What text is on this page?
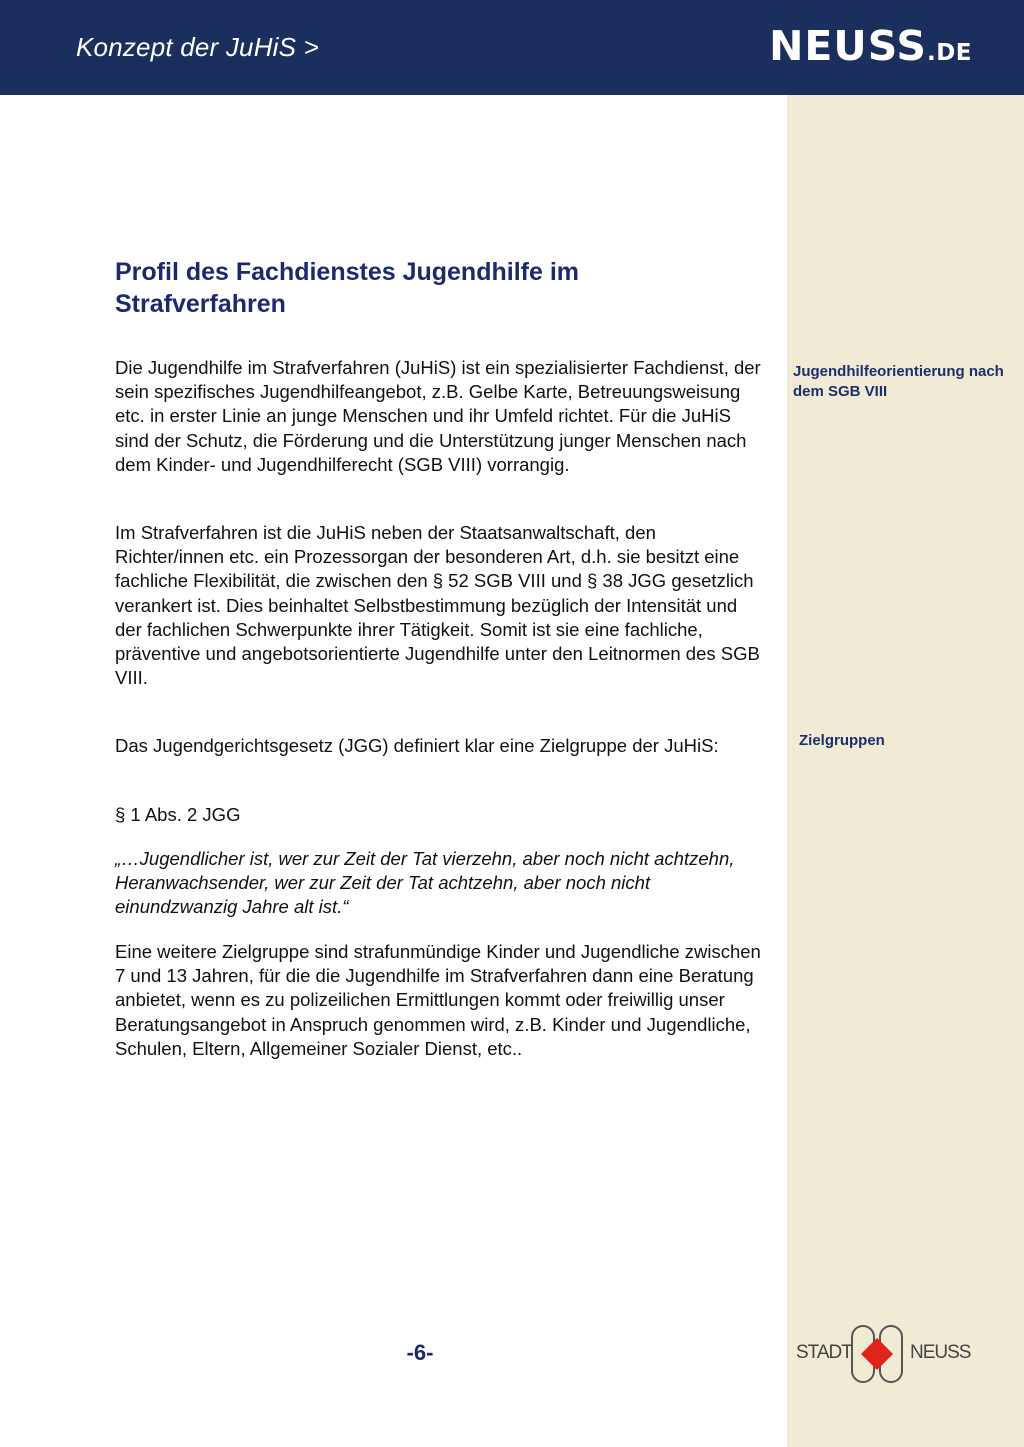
Konzept der JuHiS >	NEUSS.DE
Jugendhilfeorientierung nach dem SGB VIII
Zielgruppen
Profil des Fachdienstes Jugendhilfe im Strafverfahren

Die Jugendhilfe im Strafverfahren (JuHiS) ist ein spezialisierter Fachdienst, der sein spezifisches Jugendhilfeangebot, z.B. Gelbe Karte, Betreuungsweisung etc. in erster Linie an junge Menschen und ihr Umfeld richtet. Für die JuHiS sind der Schutz, die Förderung und die Unterstützung junger Menschen nach dem Kinder- und Jugendhilferecht (SGB VIII) vorrangig.

Im Strafverfahren ist die JuHiS neben der Staatsanwaltschaft, den Richter/innen etc. ein Prozessorgan der besonderen Art, d.h. sie besitzt eine fachliche Flexibilität, die zwischen den § 52 SGB VIII und § 38 JGG gesetzlich verankert ist. Dies beinhaltet Selbstbestimmung bezüglich der Intensität und der fachlichen Schwerpunkte ihrer Tätigkeit. Somit ist sie eine fachliche, präventive und angebotsorientierte Jugendhilfe unter den Leitnormen des SGB VIII.

Das Jugendgerichtsgesetz (JGG) definiert klar eine Zielgruppe der JuHiS:

§ 1 Abs. 2 JGG

„…Jugendlicher ist, wer zur Zeit der Tat vierzehn, aber noch nicht achtzehn, Heranwachsender, wer zur Zeit der Tat achtzehn, aber noch nicht einundzwanzig Jahre alt ist.“

Eine weitere Zielgruppe sind strafunmündige Kinder und Jugendliche zwischen 7 und 13 Jahren, für die die Jugendhilfe im Strafverfahren dann eine Beratung anbietet, wenn es zu polizeilichen Ermittlungen kommt oder freiwillig unser Beratungsangebot in Anspruch genommen wird, z.B. Kinder und Jugendliche, Schulen, Eltern, Allgemeiner Sozialer Dienst, etc..

-6-	STADT	NEUSS
